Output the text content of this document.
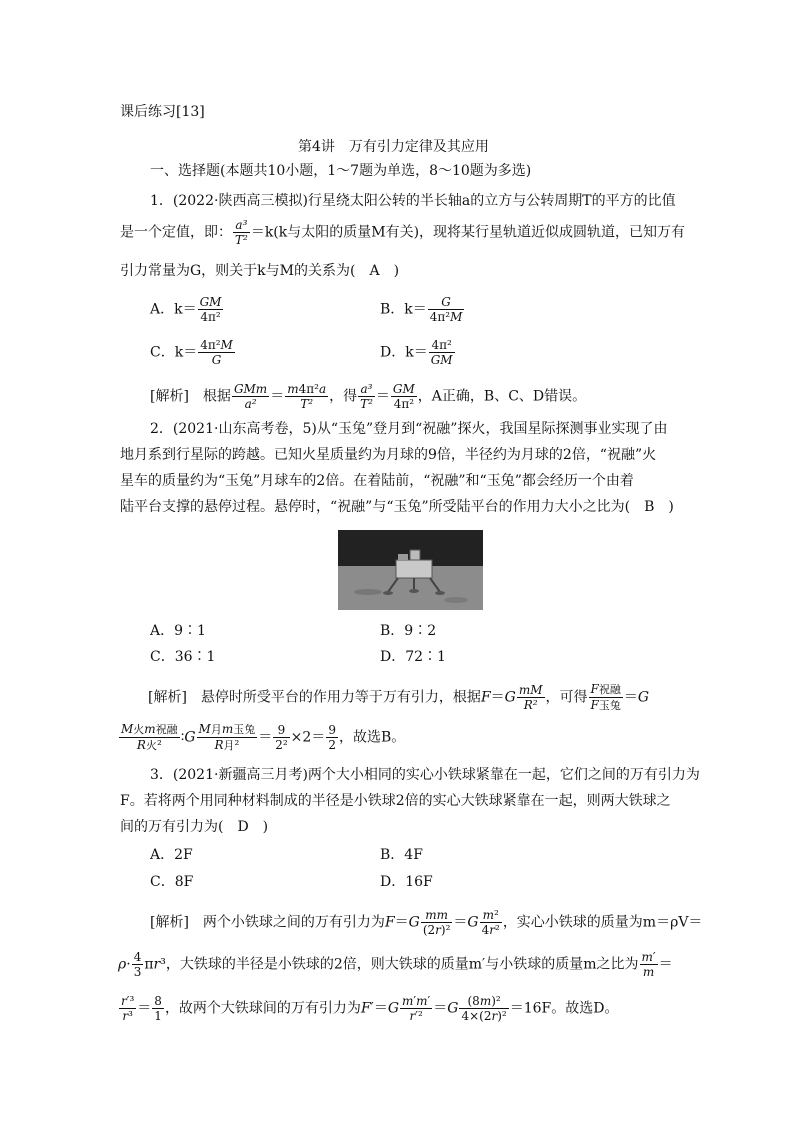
课后练习[13]
第4讲　万有引力定律及其应用
一、选择题(本题共10小题，1～7题为单选，8～10题为多选)
1．(2022·陕西高三模拟)行星绕太阳公转的半长轴a的立方与公转周期T的平方的比值
是一个定值，即： $\frac{\text{a³}}{\text{T²}} =k(k$与太阳的质量M有关)，现将某行星轨道近似成圆轨道，已知万有
引力常量为G，则关于k与M的关系为(　A　)
A．$k= \frac{GM}{\text{4π²}}$	B．$k= \frac{G}{\text{4π²M}}$
C．$k= \frac{\text{4π²M}}{G}$	D．$k= \frac{\text{4π²}}{GM}$
[解析]　根据 $\frac{\text{GMm}}{\text{a²}} = \frac{\text{m4π²a}}{\text{T²}}$ ，得 $\frac{\text{a³}}{\text{T²}} = \frac{GM}{\text{4π²}}$ ，A正确，B、C、D错误。
2．(2021·山东高考卷，5)从“玉兔”登月到“祝融”探火，我国星际探测事业实现了由
地月系到行星际的跨越。已知火星质量约为月球的9倍，半径约为月球的2倍，“祝融”火
星车的质量约为“玉兔”月球车的2倍。在着陆前，“祝融”和“玉兔”都会经历一个由着
陆平台支撑的悬停过程。悬停时，“祝融”与“玉兔”所受陆平台的作用力大小之比为(　B　)
A．9∶1	B．9∶2
C．36∶1	D．72∶1
[解析]　悬停时所受平台的作用力等于万有引力，根据$F=G \frac{mM}{\text{R²}}$ ，可得 $\frac{\text{F祝融}}{\text{F玉兔}} =G$
$\frac{\text{M火m祝融}}{\text{R火²}}$ ∶G $\frac{\text{M月m玉兔}}{\text{R月²}} = \frac{9}{\text{2²}} \times 2= \frac{9}{2}$ ，故选B。
3．(2021·新疆高三月考)两个大小相同的实心小铁球紧靠在一起，它们之间的万有引力为
F。若将两个用同种材料制成的半径是小铁球2倍的实心大铁球紧靠在一起，则两大铁球之
间的万有引力为(　D　)
A．2F	B．4F
C．8F	D．16F
[解析]　两个小铁球之间的万有引力为$F=G \frac{mm}{\text{(2r)²}} =G \frac{\text{m²}}{\text{4r²}}$ ，实心小铁球的质量为m＝ρV＝
$\rho\cdot \frac{4}{3} \pi r^3$，大铁球的半径是小铁球的2倍，则大铁球的质量m′与小铁球的质量m之比为 $\frac{m'}{m}$ ＝
$\frac{\text{r′³}}{\text{r³}} = \frac{8}{1}$ ，故两个大铁球间的万有引力为$F'=G \frac{m'm'}{\text{r′²}} =G \frac{\text{(8m)²}}{\text{4×(2r)²}} =16F$。故选D。
